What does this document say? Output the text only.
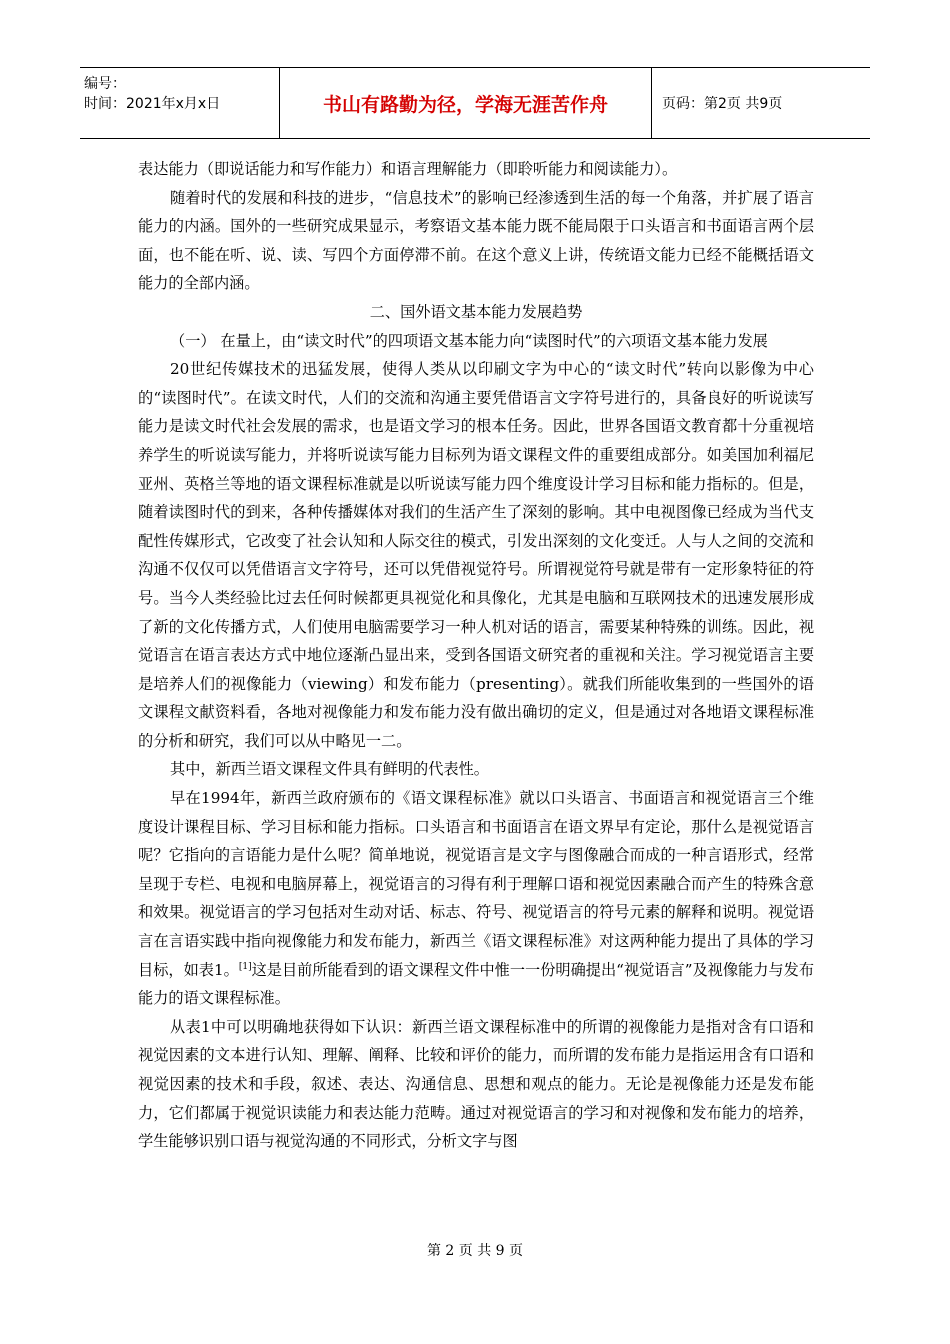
编号：
时间：2021年x月x日	书山有路勤为径，学海无涯苦作舟	页码：第2页 共9页

表达能力（即说话能力和写作能力）和语言理解能力（即聆听能力和阅读能力）。

随着时代的发展和科技的进步，“信息技术”的影响已经渗透到生活的每一个角落，并扩展了语言能力的内涵。国外的一些研究成果显示，考察语文基本能力既不能局限于口头语言和书面语言两个层面，也不能在听、说、读、写四个方面停滞不前。在这个意义上讲，传统语文能力已经不能概括语文能力的全部内涵。

二、国外语文基本能力发展趋势

（一） 在量上，由“读文时代”的四项语文基本能力向“读图时代”的六项语文基本能力发展

20世纪传媒技术的迅猛发展，使得人类从以印刷文字为中心的“读文时代”转向以影像为中心的“读图时代”。在读文时代，人们的交流和沟通主要凭借语言文字符号进行的，具备良好的听说读写能力是读文时代社会发展的需求，也是语文学习的根本任务。因此，世界各国语文教育都十分重视培养学生的听说读写能力，并将听说读写能力目标列为语文课程文件的重要组成部分。如美国加利福尼亚州、英格兰等地的语文课程标准就是以听说读写能力四个维度设计学习目标和能力指标的。但是，随着读图时代的到来，各种传播媒体对我们的生活产生了深刻的影响。其中电视图像已经成为当代支配性传媒形式，它改变了社会认知和人际交往的模式，引发出深刻的文化变迁。人与人之间的交流和沟通不仅仅可以凭借语言文字符号，还可以凭借视觉符号。所谓视觉符号就是带有一定形象特征的符号。当今人类经验比过去任何时候都更具视觉化和具像化，尤其是电脑和互联网技术的迅速发展形成了新的文化传播方式，人们使用电脑需要学习一种人机对话的语言，需要某种特殊的训练。因此，视觉语言在语言表达方式中地位逐渐凸显出来，受到各国语文研究者的重视和关注。学习视觉语言主要是培养人们的视像能力（viewing）和发布能力（presenting）。就我们所能收集到的一些国外的语文课程文献资料看，各地对视像能力和发布能力没有做出确切的定义，但是通过对各地语文课程标准的分析和研究，我们可以从中略见一二。

其中，新西兰语文课程文件具有鲜明的代表性。

早在1994年，新西兰政府颁布的《语文课程标准》就以口头语言、书面语言和视觉语言三个维度设计课程目标、学习目标和能力指标。口头语言和书面语言在语文界早有定论，那什么是视觉语言呢？它指向的言语能力是什么呢？简单地说，视觉语言是文字与图像融合而成的一种言语形式，经常呈现于专栏、电视和电脑屏幕上，视觉语言的习得有利于理解口语和视觉因素融合而产生的特殊含意和效果。视觉语言的学习包括对生动对话、标志、符号、视觉语言的符号元素的解释和说明。视觉语言在言语实践中指向视像能力和发布能力，新西兰《语文课程标准》对这两种能力提出了具体的学习目标，如表1。[1]这是目前所能看到的语文课程文件中惟一一份明确提出“视觉语言”及视像能力与发布能力的语文课程标准。

从表1中可以明确地获得如下认识：新西兰语文课程标准中的所谓的视像能力是指对含有口语和视觉因素的文本进行认知、理解、阐释、比较和评价的能力，而所谓的发布能力是指运用含有口语和视觉因素的技术和手段，叙述、表达、沟通信息、思想和观点的能力。无论是视像能力还是发布能力，它们都属于视觉识读能力和表达能力范畴。通过对视觉语言的学习和对视像和发布能力的培养，学生能够识别口语与视觉沟通的不同形式，分析文字与图

第 2 页 共 9 页
